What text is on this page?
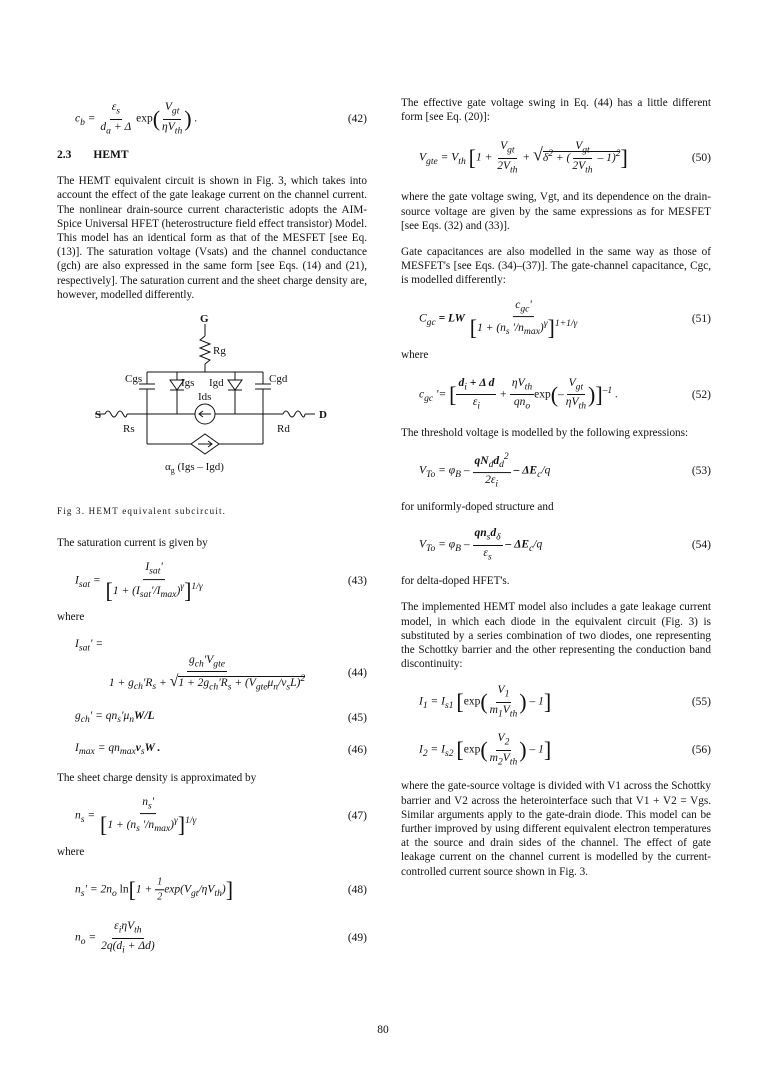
$c_b = \frac{\varepsilon_s}{d_a + \Delta} \exp( \frac{V_{gt}}{\eta V_{th}}$ ) .	(42)
2.3 HEMT

The HEMT equivalent circuit is shown in Fig. 3, which takes into account the effect of the gate leakage current on the channel current. The nonlinear drain-source current characteristic adopts the AIM-Spice Universal HFET (heterostructure field effect transistor) Model. This model has an identical form as that of the MESFET [see Eq. (13)]. The saturation voltage (Vsats) and the channel conductance (gch) are also expressed in the same form [see Eqs. (14) and (21), respectively]. The saturation current and the sheet charge density are, however, modelled differently.

G
Rg
Cgs	Igs Igd	Cgd
Ids
S	D
Rs	Rd
$\alpha_g$ (Igs – Igd)
Fig 3. HEMT equivalent subcircuit.

The saturation current is given by

$I_{sat} = \frac{I_{sat}'}{[1 + (I_{sat}'/I_{max})^\gamma]^{1/\gamma}}$	(43)

where

$I_{sat}'$ =
$\frac{g_{ch}'V_{gte}}{1 + g_{ch}'R_s + √1 + 2g_{ch}'R_s + (V_{gte}\mu_n/v_sL)^2}$	(44)
$g_{ch}' = qn_s'\mu_nW/L$	(45)
$I_{max} = qn_{max}v_sW$ .	(46)

The sheet charge density is approximated by

$n_s = \frac{n_s'}{[1 + (n_s '/n_{max})^\gamma]^{1/\gamma}}$	(47)

where

$n_s' = 2n_o$ $\ln[1 + \frac{1}{2} \exp(V_{gt}/\eta V_{th})]$	(48)
$n_o = \frac{\varepsilon_i\eta V_{th}}{2q(d_i + \Delta d)}$	(49)

The effective gate voltage swing in Eq. (44) has a little different form [see Eq. (20)]:

$V_{gte} = V_{th}$ [$1 + \frac{V_{gt}}{2V_{th}} + √\delta^2$ + ( $\frac{V_{gt}}{2V_{th}} - 1)^2$]	(50)

where the gate voltage swing, Vgt, and its dependence on the drain-source voltage are given by the same expressions as for MESFET [see Eqs. (32) and (33)].

Gate capacitances are also modelled in the same way as those of MESFET's [see Eqs. (34)–(37)]. The gate-channel capacitance, Cgc, is modelled differently:

$C_{gc}$ = LW $\frac{c_{gc}'}{[1 + (n_s '/n_{max})^\gamma]^{1+1/\gamma}}$	(51)

where

$c_{gc}$ '= [ $\frac{d_i + \Delta d}{\varepsilon_i} + \frac{\eta V_{th}}{qn_o} \exp(- \frac{V_{gt}}{\eta V_{th}} )]^{-1}$ .	(52)

The threshold voltage is modelled by the following expressions:

$V_{To} = \varphi_B - \frac{qN_dd_d^2}{2\varepsilon_i} - \Delta E_c/q$	(53)

for uniformly-doped structure and

$V_{To} = \varphi_B - \frac{qn_sd_\delta}{\varepsilon_s} - \Delta E_c/q$	(54)

for delta-doped HFET's.

The implemented HEMT model also includes a gate leakage current model, in which each diode in the equivalent circuit (Fig. 3) is substituted by a series combination of two diodes, one representing the Schottky barrier and the other representing the conduction band discontinuity:

$I_1 = I_{s1}$ [$\exp( \frac{V_1}{m_1V_{th}}$ ) – 1]	(55)
$I_2 = I_{s2}$ [$\exp( \frac{V_2}{m_2V_{th}}$ ) – 1]	(56)

where the gate-source voltage is divided with V1 across the Schottky barrier and V2 across the heterointerface such that V1 + V2 = Vgs. Similar arguments apply to the gate-drain diode. This model can be further improved by using different equivalent electron temperatures at the source and drain sides of the channel. The effect of gate leakage current on the channel current is modelled by the current-controlled current source shown in Fig. 3.

80
